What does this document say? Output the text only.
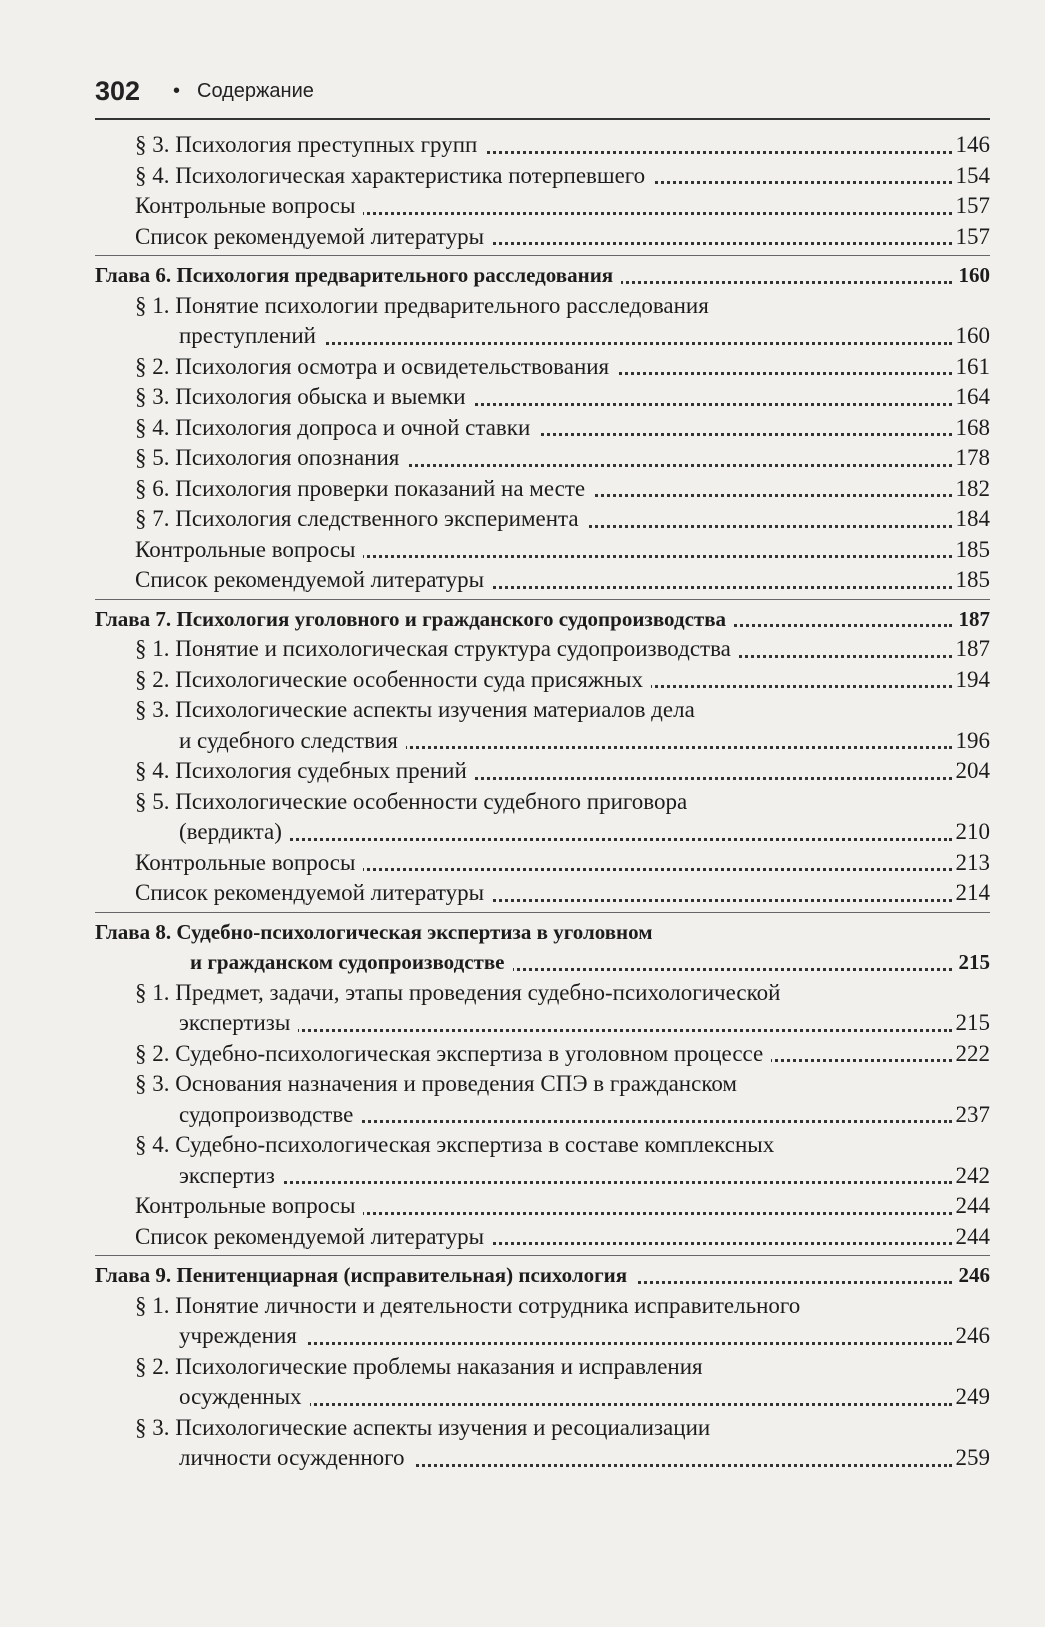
302 • Содержание
§ 3. Психология преступных групп	146
§ 4. Психологическая характеристика потерпевшего	154
Контрольные вопросы	157
Список рекомендуемой литературы	157
Глава 6. Психология предварительного расследования	160
§ 1. Понятие психологии предварительного расследования
преступлений	160
§ 2. Психология осмотра и освидетельствования	161
§ 3. Психология обыска и выемки	164
§ 4. Психология допроса и очной ставки	168
§ 5. Психология опознания	178
§ 6. Психология проверки показаний на месте	182
§ 7. Психология следственного эксперимента	184
Контрольные вопросы	185
Список рекомендуемой литературы	185
Глава 7. Психология уголовного и гражданского судопроизводства	187
§ 1. Понятие и психологическая структура судопроизводства	187
§ 2. Психологические особенности суда присяжных	194
§ 3. Психологические аспекты изучения материалов дела
и судебного следствия	196
§ 4. Психология судебных прений	204
§ 5. Психологические особенности судебного приговора
(вердикта)	210
Контрольные вопросы	213
Список рекомендуемой литературы	214
Глава 8. Судебно-психологическая экспертиза в уголовном
и гражданском судопроизводстве	215
§ 1. Предмет, задачи, этапы проведения судебно-психологической
экспертизы	215
§ 2. Судебно-психологическая экспертиза в уголовном процессе	222
§ 3. Основания назначения и проведения СПЭ в гражданском
судопроизводстве	237
§ 4. Судебно-психологическая экспертиза в составе комплексных
экспертиз	242
Контрольные вопросы	244
Список рекомендуемой литературы	244
Глава 9. Пенитенциарная (исправительная) психология	246
§ 1. Понятие личности и деятельности сотрудника исправительного
учреждения	246
§ 2. Психологические проблемы наказания и исправления
осужденных	249
§ 3. Психологические аспекты изучения и ресоциализации
личности осужденного	259
